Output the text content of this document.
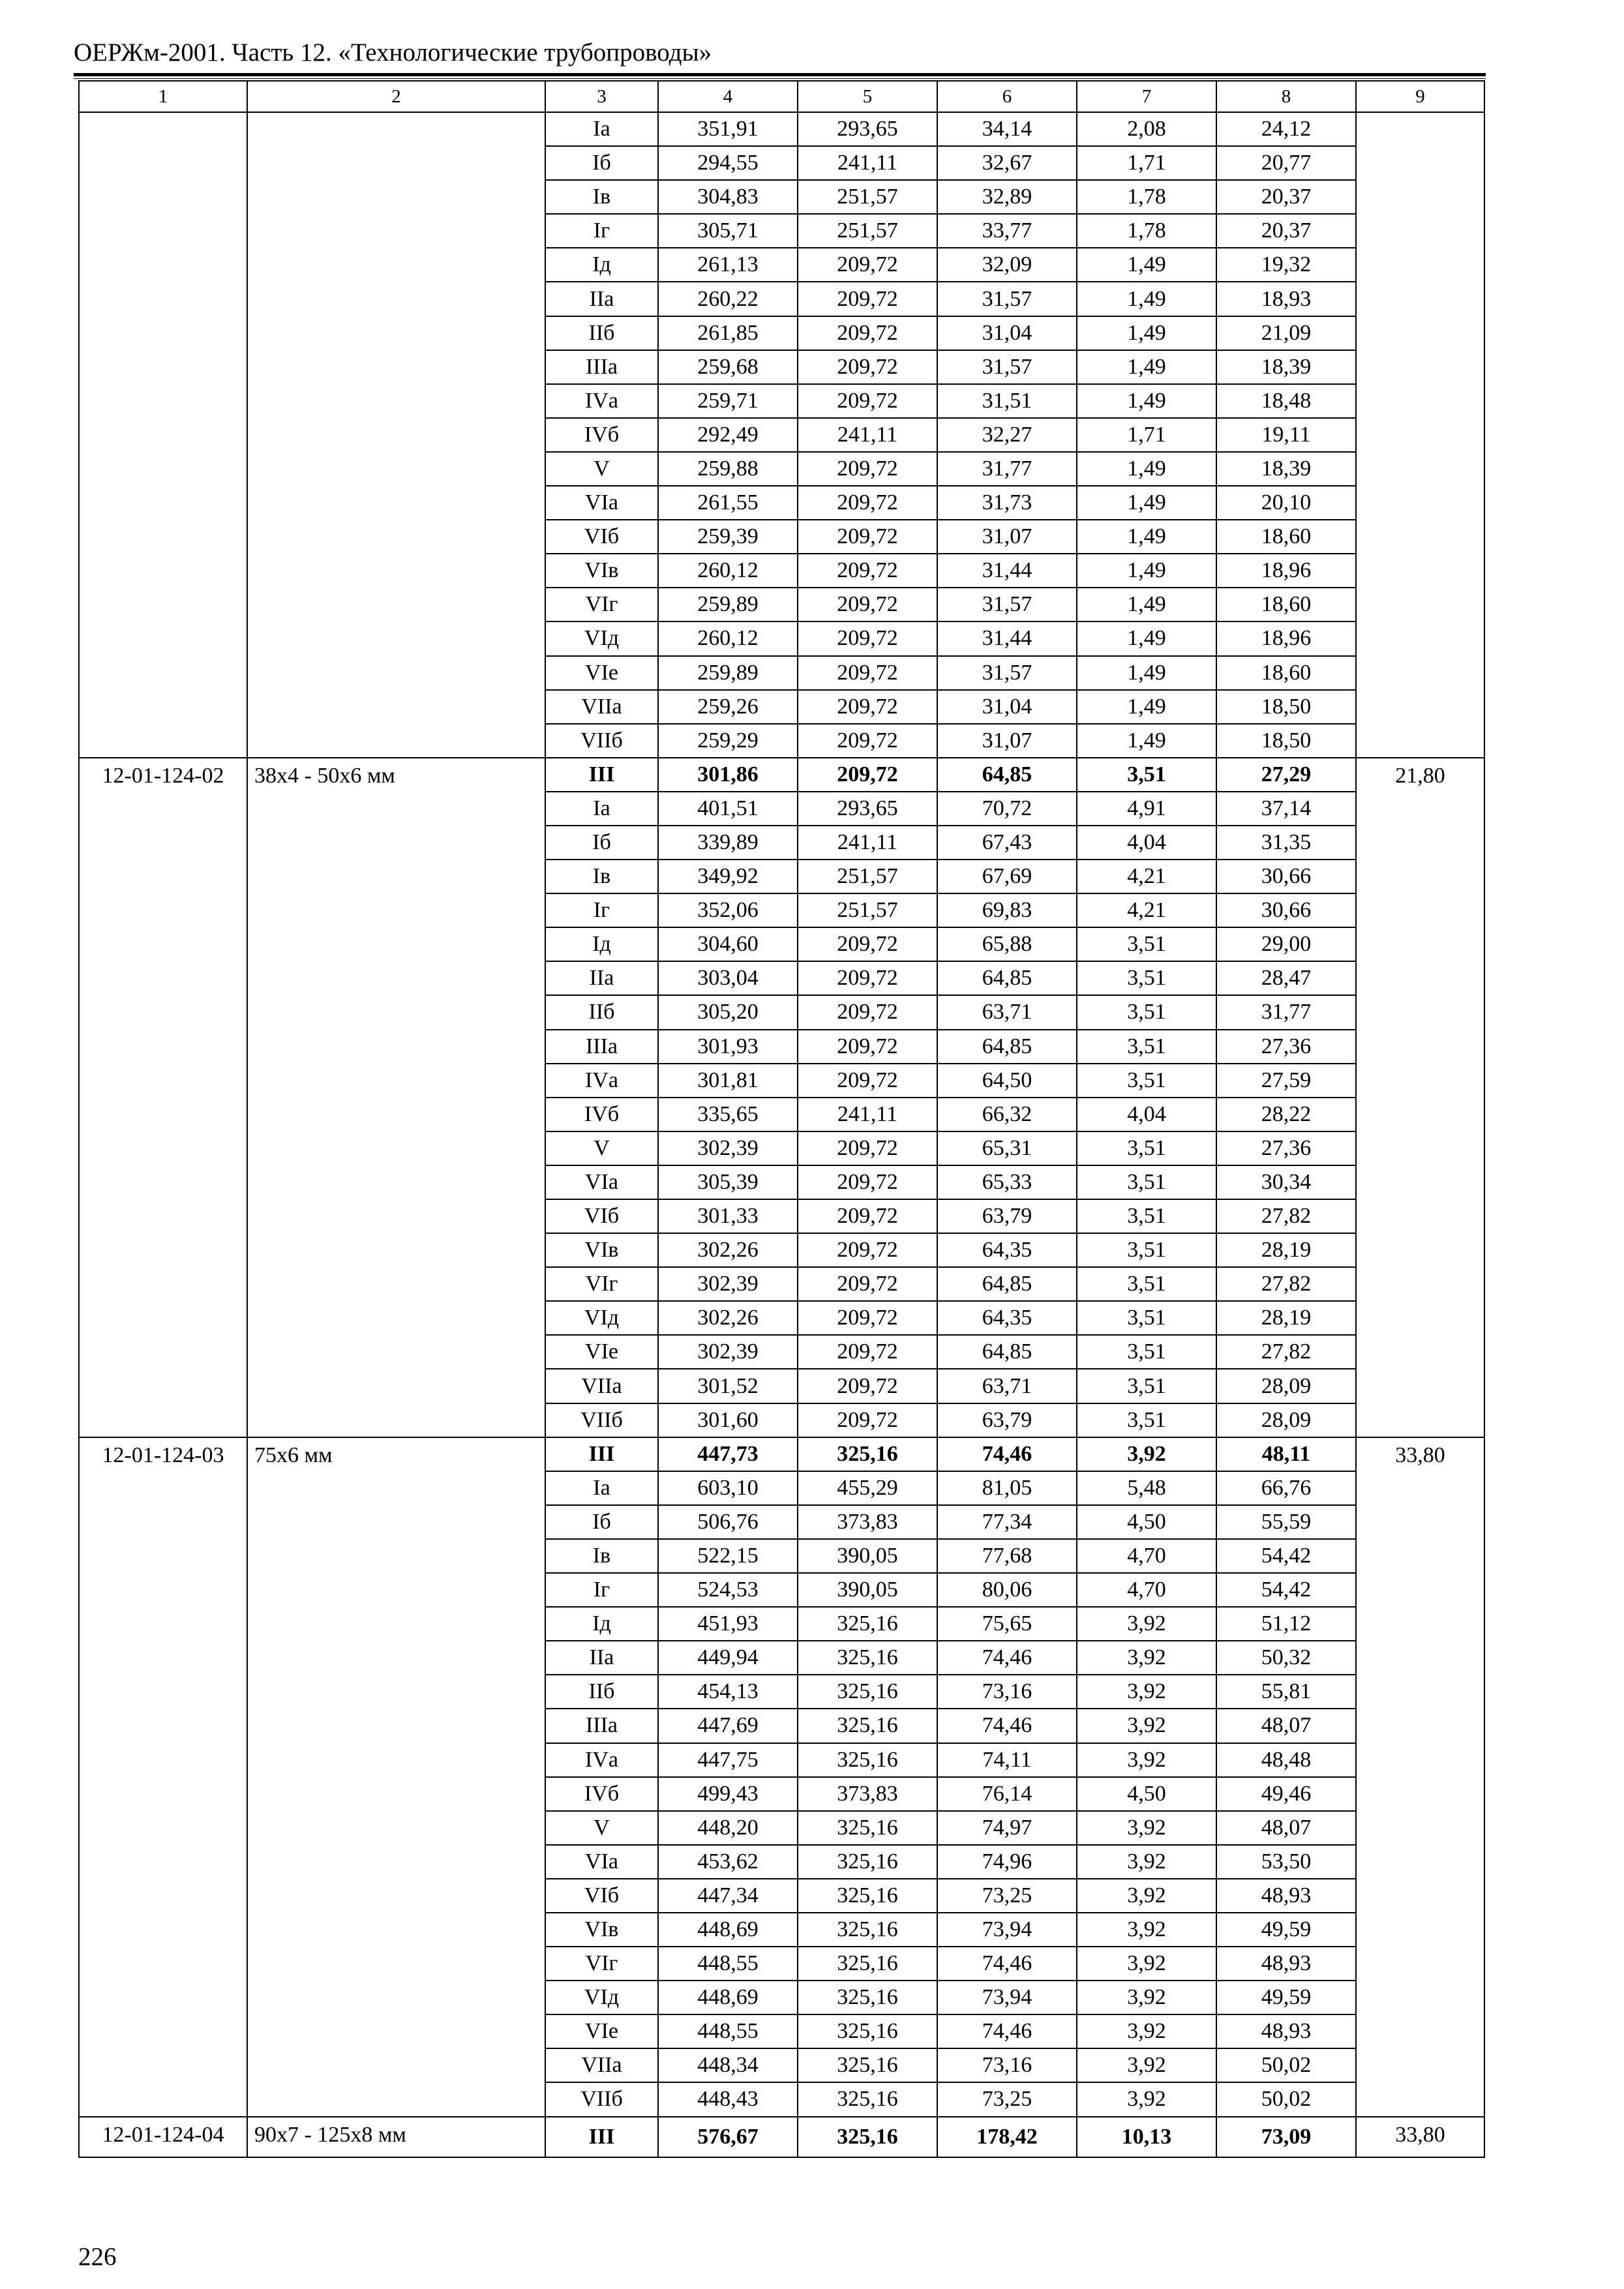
ОЕРЖм-2001. Часть 12. «Технологические трубопроводы»
1	2	3	4	5	6	7	8	9
		Iа	351,91	293,65	34,14	2,08	24,12	
		Iб	294,55	241,11	32,67	1,71	20,77	
		Iв	304,83	251,57	32,89	1,78	20,37	
		Iг	305,71	251,57	33,77	1,78	20,37	
		Iд	261,13	209,72	32,09	1,49	19,32	
		IIа	260,22	209,72	31,57	1,49	18,93	
		IIб	261,85	209,72	31,04	1,49	21,09	
		IIIа	259,68	209,72	31,57	1,49	18,39	
		IVа	259,71	209,72	31,51	1,49	18,48	
		IVб	292,49	241,11	32,27	1,71	19,11	
		V	259,88	209,72	31,77	1,49	18,39	
		VIа	261,55	209,72	31,73	1,49	20,10	
		VIб	259,39	209,72	31,07	1,49	18,60	
		VIв	260,12	209,72	31,44	1,49	18,96	
		VIг	259,89	209,72	31,57	1,49	18,60	
		VIд	260,12	209,72	31,44	1,49	18,96	
		VIе	259,89	209,72	31,57	1,49	18,60	
		VIIа	259,26	209,72	31,04	1,49	18,50	
		VIIб	259,29	209,72	31,07	1,49	18,50	
12-01-124-02	38х4 - 50х6 мм	III	301,86	209,72	64,85	3,51	27,29	21,80
		Iа	401,51	293,65	70,72	4,91	37,14	
		Iб	339,89	241,11	67,43	4,04	31,35	
		Iв	349,92	251,57	67,69	4,21	30,66	
		Iг	352,06	251,57	69,83	4,21	30,66	
		Iд	304,60	209,72	65,88	3,51	29,00	
		IIа	303,04	209,72	64,85	3,51	28,47	
		IIб	305,20	209,72	63,71	3,51	31,77	
		IIIа	301,93	209,72	64,85	3,51	27,36	
		IVа	301,81	209,72	64,50	3,51	27,59	
		IVб	335,65	241,11	66,32	4,04	28,22	
		V	302,39	209,72	65,31	3,51	27,36	
		VIа	305,39	209,72	65,33	3,51	30,34	
		VIб	301,33	209,72	63,79	3,51	27,82	
		VIв	302,26	209,72	64,35	3,51	28,19	
		VIг	302,39	209,72	64,85	3,51	27,82	
		VIд	302,26	209,72	64,35	3,51	28,19	
		VIе	302,39	209,72	64,85	3,51	27,82	
		VIIа	301,52	209,72	63,71	3,51	28,09	
		VIIб	301,60	209,72	63,79	3,51	28,09	
12-01-124-03	75х6 мм	III	447,73	325,16	74,46	3,92	48,11	33,80
		Iа	603,10	455,29	81,05	5,48	66,76	
		Iб	506,76	373,83	77,34	4,50	55,59	
		Iв	522,15	390,05	77,68	4,70	54,42	
		Iг	524,53	390,05	80,06	4,70	54,42	
		Iд	451,93	325,16	75,65	3,92	51,12	
		IIа	449,94	325,16	74,46	3,92	50,32	
		IIб	454,13	325,16	73,16	3,92	55,81	
		IIIа	447,69	325,16	74,46	3,92	48,07	
		IVа	447,75	325,16	74,11	3,92	48,48	
		IVб	499,43	373,83	76,14	4,50	49,46	
		V	448,20	325,16	74,97	3,92	48,07	
		VIа	453,62	325,16	74,96	3,92	53,50	
		VIб	447,34	325,16	73,25	3,92	48,93	
		VIв	448,69	325,16	73,94	3,92	49,59	
		VIг	448,55	325,16	74,46	3,92	48,93	
		VIд	448,69	325,16	73,94	3,92	49,59	
		VIе	448,55	325,16	74,46	3,92	48,93	
		VIIа	448,34	325,16	73,16	3,92	50,02	
		VIIб	448,43	325,16	73,25	3,92	50,02	
12-01-124-04	90х7 - 125х8 мм	III	576,67	325,16	178,42	10,13	73,09	33,80
226
